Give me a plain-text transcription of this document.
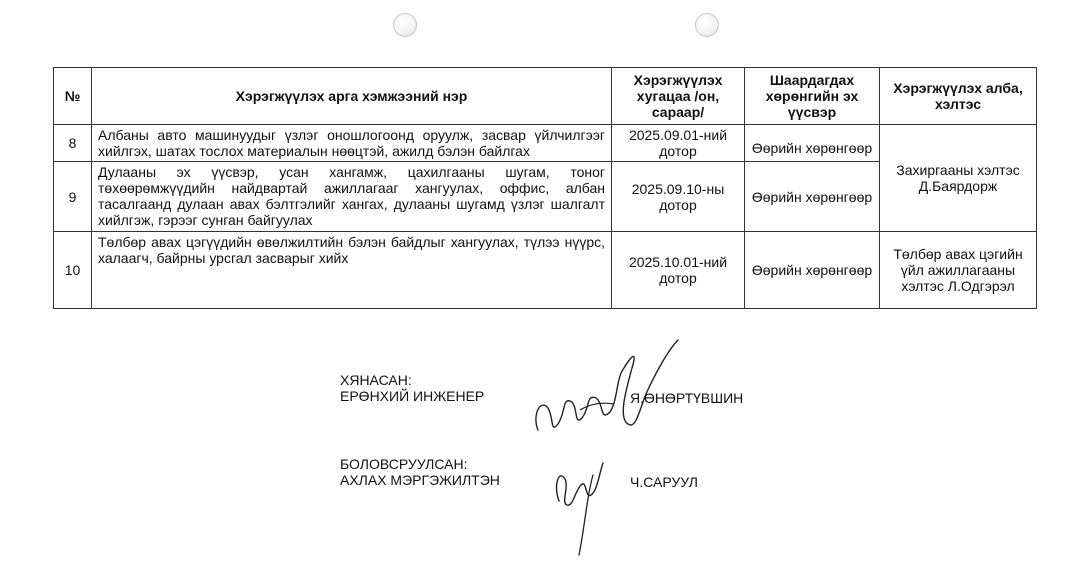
№	Хэрэгжүүлэх арга хэмжээний нэр	Хэрэгжүүлэх хугацаа /он, сараар/	Шаардагдах хөрөнгийн эх үүсвэр	Хэрэгжүүлэх алба, хэлтэс
8	Албаны авто машинуудыг үзлэг оношлогоонд оруулж, засвар үйлчилгээг хийлгэх, шатах тослох материалын нөөцтэй, ажилд бэлэн байлгах	2025.09.01-ний дотор	Өөрийн хөрөнгөөр	Захиргааны хэлтэс Д.Баярдорж
9	Дулааны эх үүсвэр, усан хангамж, цахилгааны шугам, тоног төхөөрөмжүүдийн найдвартай ажиллагааг хангуулах, оффис, албан тасалгаанд дулаан авах бэлтгэлийг хангах, дулааны шугамд үзлэг шалгалт хийлгэж, гэрээг сунган байгуулах	2025.09.10-ны дотор	Өөрийн хөрөнгөөр	
10	Төлбөр авах цэгүүдийн өвөлжилтийн бэлэн байдлыг хангуулах, түлээ нүүрс, халаагч, байрны урсгал засварыг хийх	2025.10.01-ний дотор	Өөрийн хөрөнгөөр	Төлбөр авах цэгийн үйл ажиллагааны хэлтэс Л.Одгэрэл
ХЯНАСАН:
ЕРӨНХИЙ ИНЖЕНЕР	Я.ӨНӨРТҮВШИН
БОЛОВСРУУЛСАН:
АХЛАХ МЭРГЭЖИЛТЭН	Ч.САРУУЛ
